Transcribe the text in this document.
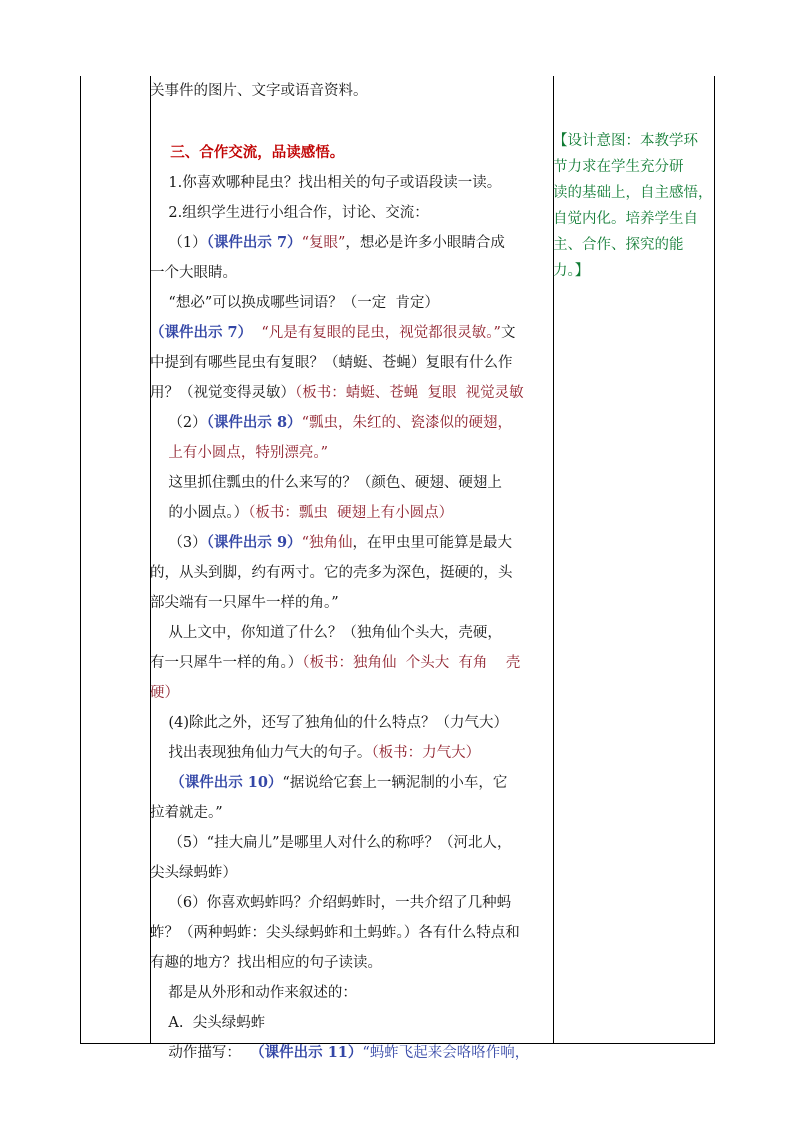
关事件的图片、文字或语音资料。
三、合作交流，品读感悟。
1.你喜欢哪种昆虫？找出相关的句子或语段读一读。
2.组织学生进行小组合作，讨论、交流：
（1）（课件出示 7）“复眼”，想必是许多小眼睛合成
一个大眼睛。
“想必”可以换成哪些词语？（一定  肯定）
（课件出示 7）  “凡是有复眼的昆虫，视觉都很灵敏。”文
中提到有哪些昆虫有复眼？（蜻蜓、苍蝇）复眼有什么作
用？（视觉变得灵敏）（板书：蜻蜓、苍蝇  复眼  视觉灵敏
（2）（课件出示 8）“瓢虫，朱红的、瓷漆似的硬翅，
上有小圆点，特别漂亮。”
这里抓住瓢虫的什么来写的？（颜色、硬翅、硬翅上
的小圆点。）（板书：瓢虫  硬翅上有小圆点）
（3）（课件出示 9）“独角仙，在甲虫里可能算是最大
的，从头到脚，约有两寸。它的壳多为深色，挺硬的，头
部尖端有一只犀牛一样的角。”
从上文中，你知道了什么？（独角仙个头大，壳硬，
有一只犀牛一样的角。）（板书：独角仙  个头大  有角    壳
硬）
(4)除此之外，还写了独角仙的什么特点？（力气大）
找出表现独角仙力气大的句子。（板书：力气大）
（课件出示 10）“据说给它套上一辆泥制的小车，它
拉着就走。”
（5）“挂大扁儿”是哪里人对什么的称呼？（河北人，
尖头绿蚂蚱）
（6）你喜欢蚂蚱吗？介绍蚂蚱时，一共介绍了几种蚂
蚱？（两种蚂蚱：尖头绿蚂蚱和土蚂蚱。）各有什么特点和
有趣的地方？找出相应的句子读读。
都是从外形和动作来叙述的：
A.  尖头绿蚂蚱
动作描写：  （课件出示 11）“蚂蚱飞起来会咯咯作响，
【设计意图：本教学环
节力求在学生充分研
读的基础上，自主感悟，
自觉内化。培养学生自
主、合作、探究的能
力。】
